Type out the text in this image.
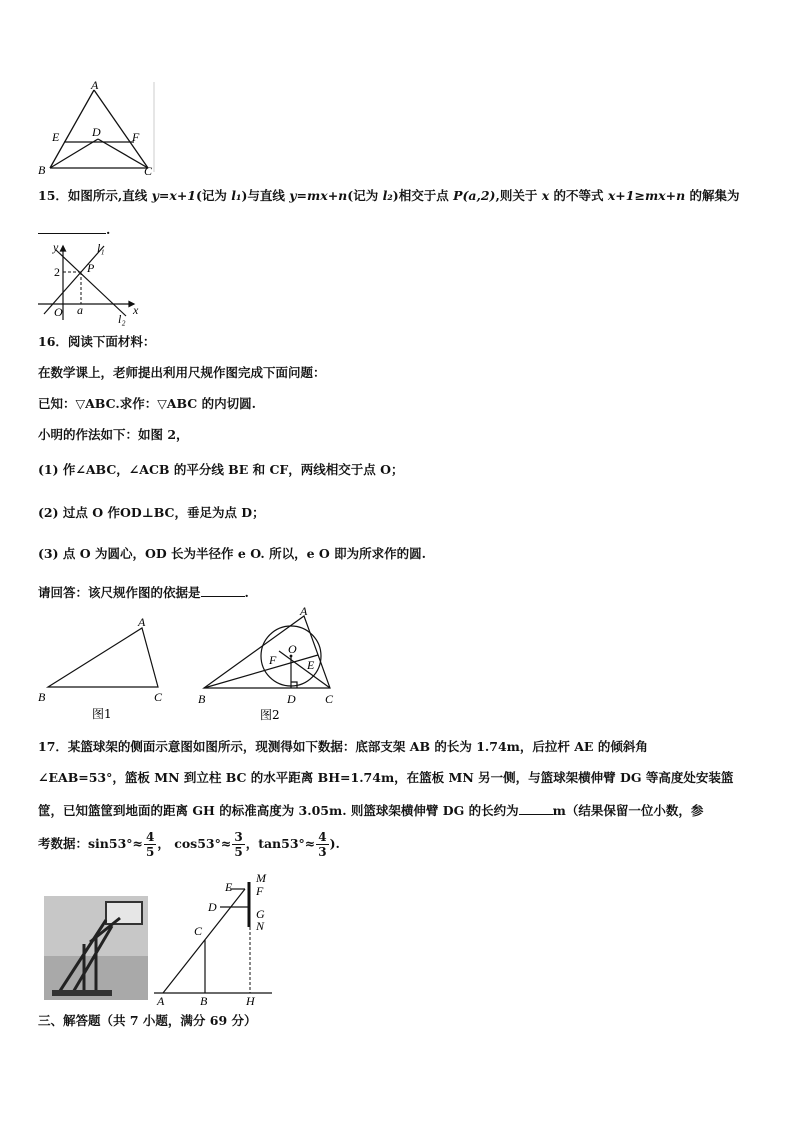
A
E	D	F
B	C
15．如图所示,直线 y=x+1(记为 l₁)与直线 y=mx+n(记为 l₂)相交于点 P(a,2),则关于 x 的不等式 x+1≥mx+n 的解集为
.
y	l₁
2 P
O a
l₂
x
16．阅读下面材料：
在数学课上，老师提出利用尺规作图完成下面问题：
已知：▽ABC.求作：▽ABC 的内切圆.
小明的作法如下：如图 2，
(1) 作∠ABC，∠ACB 的平分线 BE 和 CF，两线相交于点 O；
(2) 过点 O 作OD⊥BC，垂足为点 D；
(3) 点 O 为圆心，OD 长为半径作 e O. 所以，e O 即为所求作的圆.
请回答：该尺规作图的依据是	.
A
B	C
图1
A
F
O
E
B	D C
图2
17．某篮球架的侧面示意图如图所示，现测得如下数据：底部支架 AB 的长为 1.74m，后拉杆 AE 的倾斜角
∠EAB=53°，篮板 MN 到立柱 BC 的水平距离 BH=1.74m，在篮板 MN 另一侧，与篮球架横伸臂 DG 等高度处安装篮
筐，已知篮筐到地面的距离 GH 的标准高度为 3.05m. 则篮球架横伸臂 DG 的长约为	m（结果保留一位小数，参
考数据：$\sin 53^\circ\approx \frac{4}{5}$ ， $\cos 53^\circ\approx \frac{3}{5}$ ，$\tan 53^\circ\approx \frac{4}{3}$ ).
E
M
F
D	G
N
C
A	B	H
三、解答题（共 7 小题，满分 69 分）
